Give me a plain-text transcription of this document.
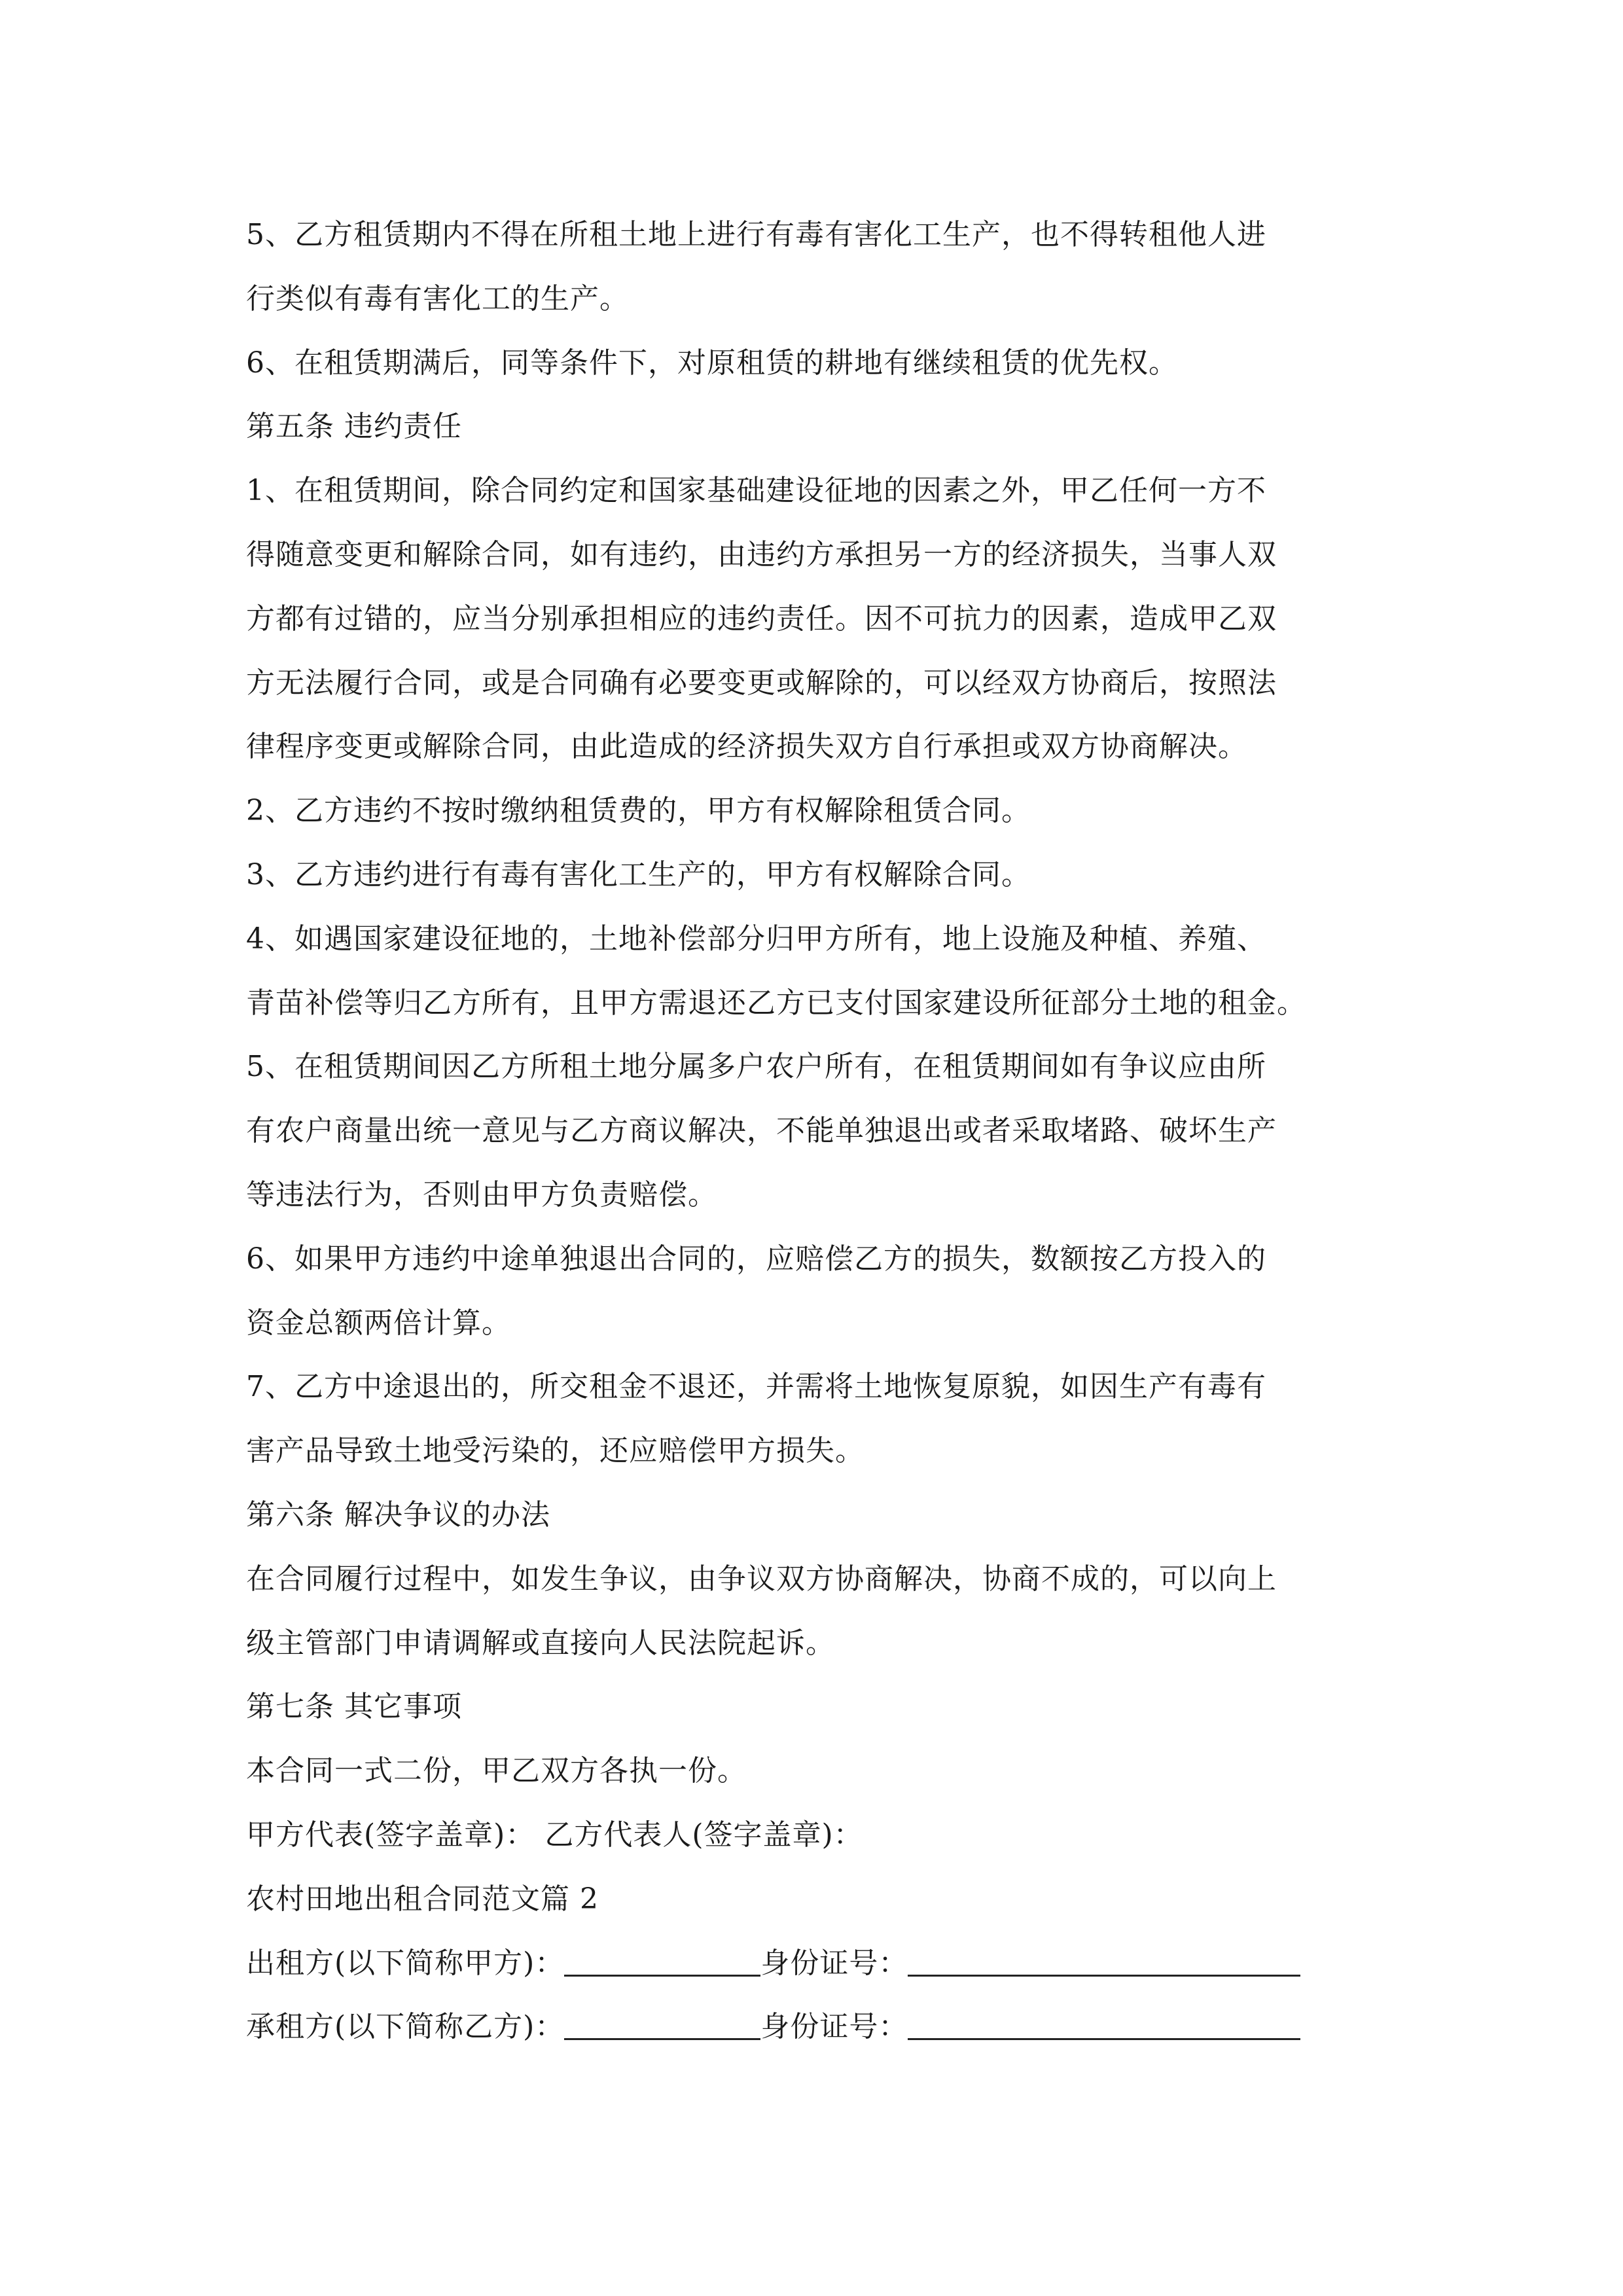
5、乙方租赁期内不得在所租土地上进行有毒有害化工生产，也不得转租他人进
行类似有毒有害化工的生产。
6、在租赁期满后，同等条件下，对原租赁的耕地有继续租赁的优先权。
第五条 违约责任
1、在租赁期间，除合同约定和国家基础建设征地的因素之外，甲乙任何一方不
得随意变更和解除合同，如有违约，由违约方承担另一方的经济损失，当事人双
方都有过错的，应当分别承担相应的违约责任。因不可抗力的因素，造成甲乙双
方无法履行合同，或是合同确有必要变更或解除的，可以经双方协商后，按照法
律程序变更或解除合同，由此造成的经济损失双方自行承担或双方协商解决。
2、乙方违约不按时缴纳租赁费的，甲方有权解除租赁合同。
3、乙方违约进行有毒有害化工生产的，甲方有权解除合同。
4、如遇国家建设征地的，土地补偿部分归甲方所有，地上设施及种植、养殖、
青苗补偿等归乙方所有，且甲方需退还乙方已支付国家建设所征部分土地的租金。
5、在租赁期间因乙方所租土地分属多户农户所有，在租赁期间如有争议应由所
有农户商量出统一意见与乙方商议解决，不能单独退出或者采取堵路、破坏生产
等违法行为，否则由甲方负责赔偿。
6、如果甲方违约中途单独退出合同的，应赔偿乙方的损失，数额按乙方投入的
资金总额两倍计算。
7、乙方中途退出的，所交租金不退还，并需将土地恢复原貌，如因生产有毒有
害产品导致土地受污染的，还应赔偿甲方损失。
第六条 解决争议的办法
在合同履行过程中，如发生争议，由争议双方协商解决，协商不成的，可以向上
级主管部门申请调解或直接向人民法院起诉。
第七条 其它事项
本合同一式二份，甲乙双方各执一份。
甲方代表(签字盖章)： 乙方代表人(签字盖章)：
农村田地出租合同范文篇 2
出租方(以下简称甲方)：	身份证号：
承租方(以下简称乙方)：	身份证号：
